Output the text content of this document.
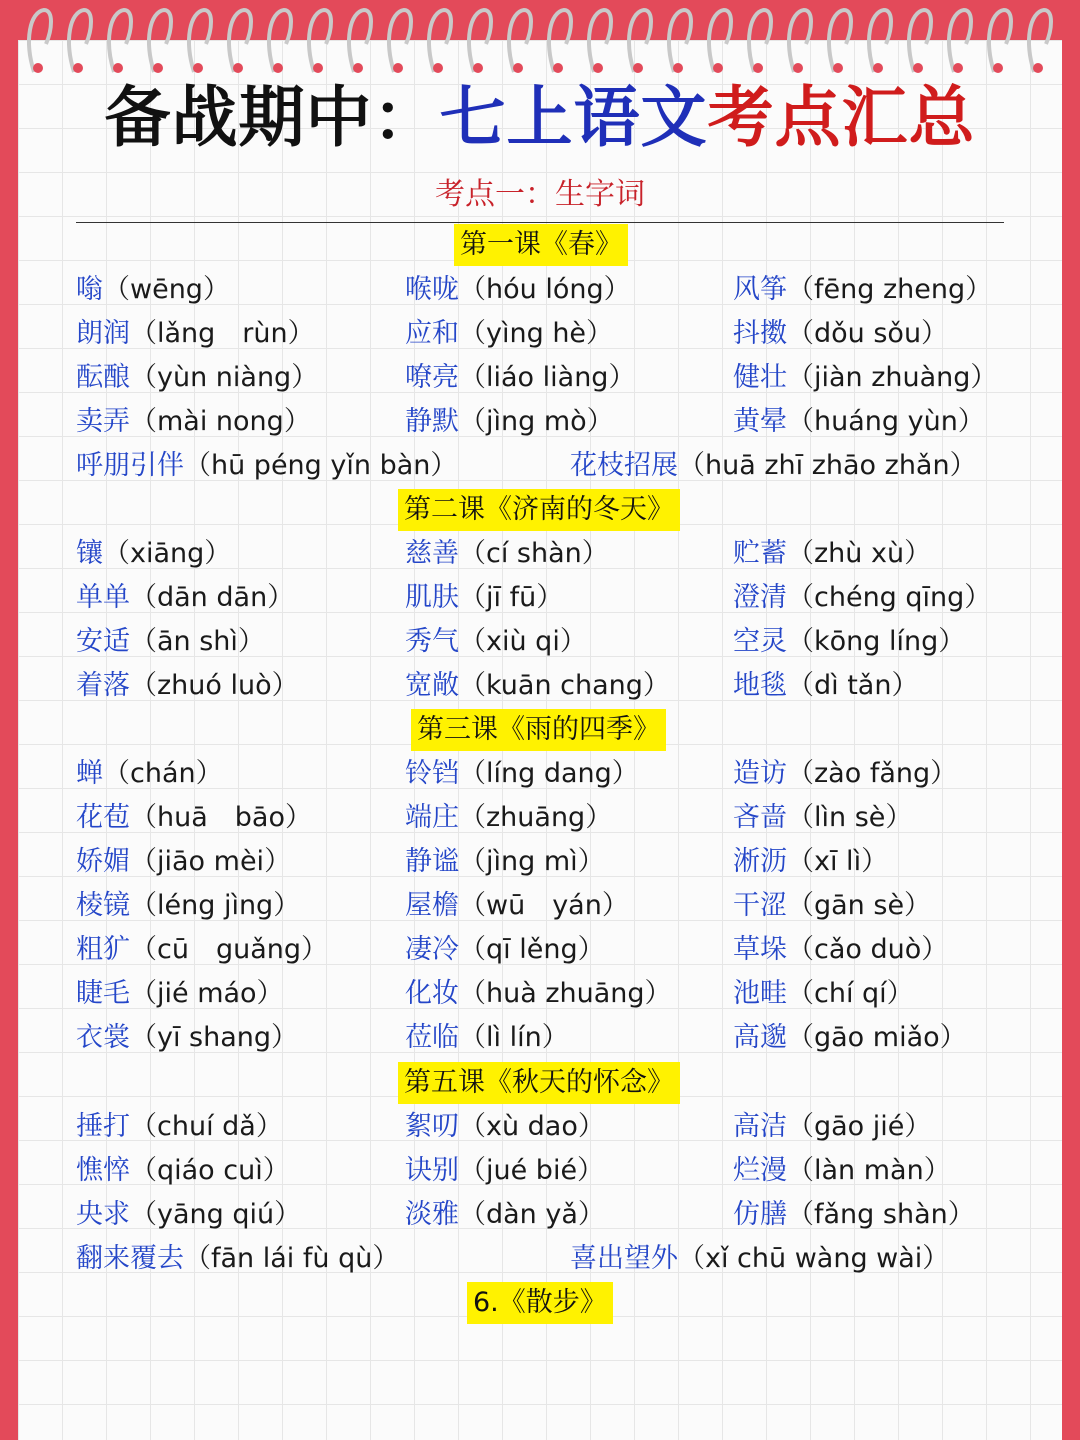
备战期中：七上语文考点汇总
考点一：生字词
第一课《春》
嗡（wēng）	喉咙（hóu lóng）	风筝（fēng zheng）
朗润（lǎng　rùn）	应和（yìng hè）	抖擞（dǒu sǒu）
酝酿（yùn niàng）	嘹亮（liáo liàng）	健壮（jiàn zhuàng）
卖弄（mài nong）	静默（jìng mò）	黄晕（huáng yùn）
呼朋引伴（hū péng yǐn bàn）	花枝招展（huā zhī zhāo zhǎn）
第二课《济南的冬天》
镶（xiāng）	慈善（cí shàn）	贮蓄（zhù xù）
单单（dān dān）	肌肤（jī fū）	澄清（chéng qīng）
安适（ān shì）	秀气（xiù qi）	空灵（kōng líng）
着落（zhuó luò）	宽敞（kuān chang） 地毯（dì tǎn）
第三课《雨的四季》
蝉（chán）	铃铛（líng dang）	造访（zào fǎng）
花苞（huā　bāo）	端庄（zhuāng）	吝啬（lìn sè）
娇媚（jiāo mèi）	静谧（jìng mì）	淅沥（xī lì）
棱镜（léng jìng）	屋檐（wū　yán）	干涩（gān sè）
粗犷（cū　guǎng）	凄冷（qī lěng）	草垛（cǎo duò）
睫毛（jié máo）	化妆（huà zhuāng） 池畦（chí qí）
衣裳（yī shang）	莅临（lì lín）	高邈（gāo miǎo）
第五课《秋天的怀念》
捶打（chuí dǎ）	絮叨（xù dao）	高洁（gāo jié）
憔悴（qiáo cuì）	诀别（jué bié）	烂漫（làn màn）
央求（yāng qiú）	淡雅（dàn yǎ）	仿膳（fǎng shàn）
翻来覆去（fān lái fù qù）	喜出望外（xǐ chū wàng wài）
6.《散步》
